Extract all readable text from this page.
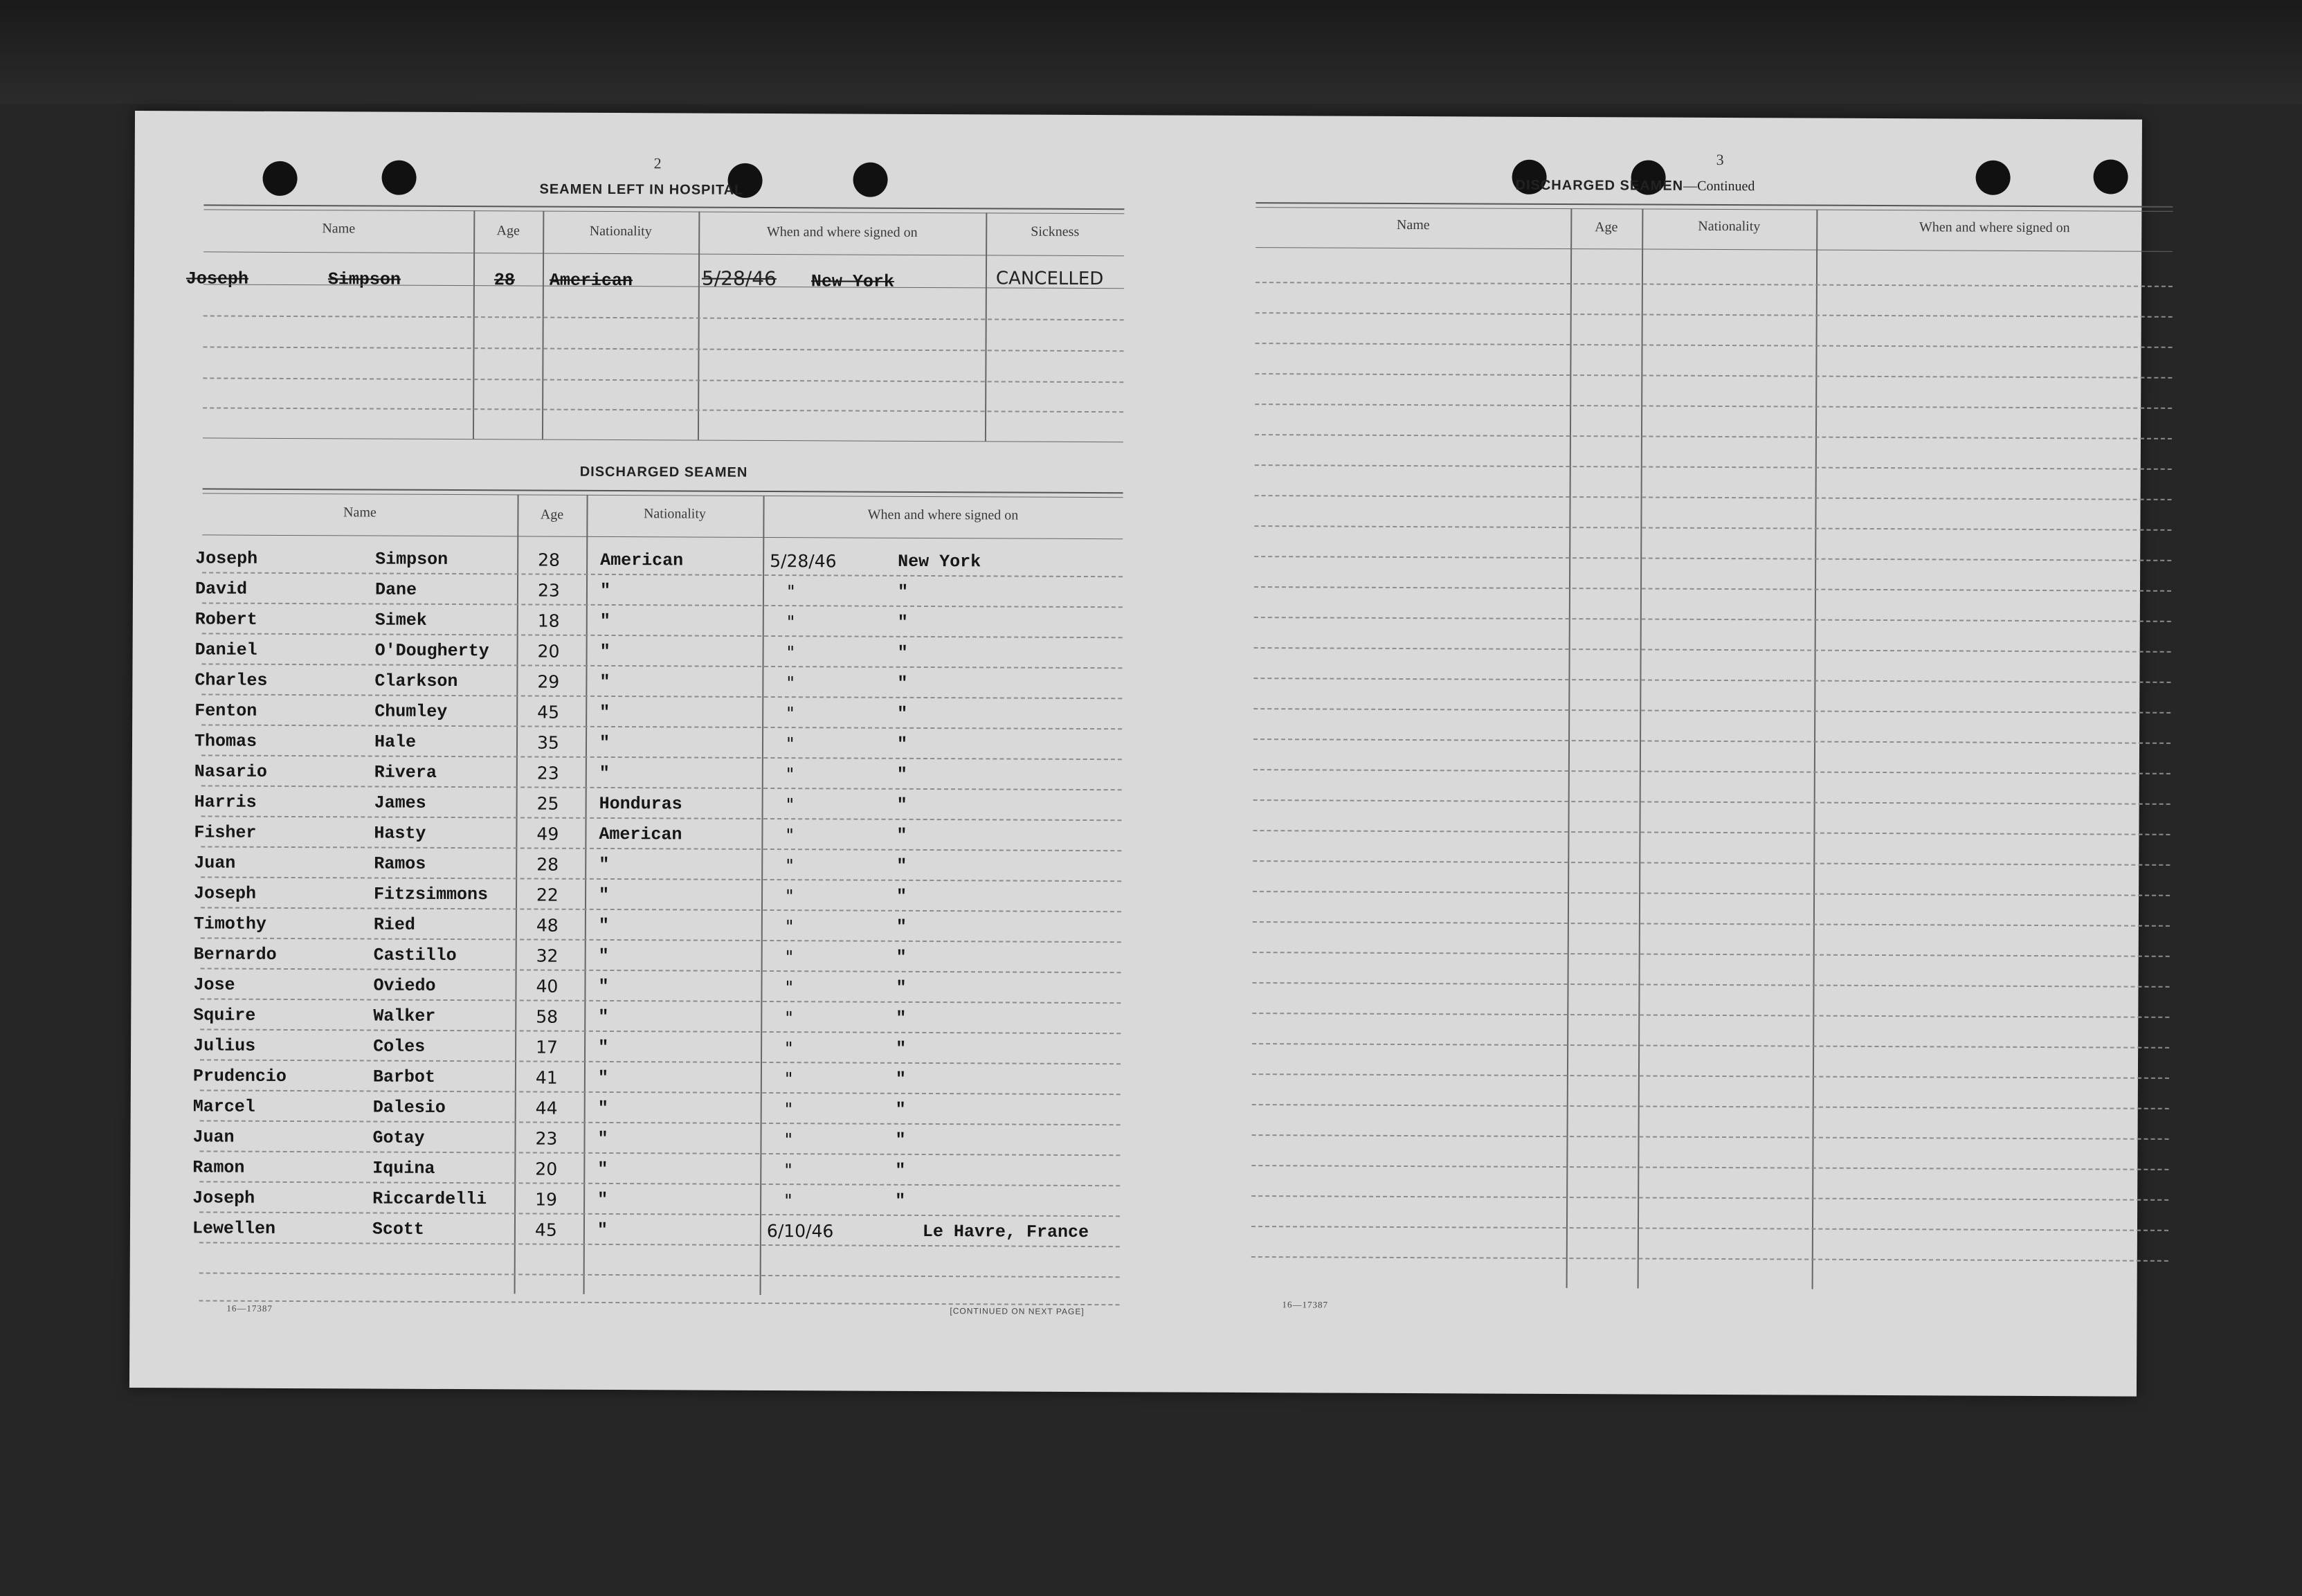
2
SEAMEN LEFT IN HOSPITAL
Name	Age	Nationality	When and where signed on	Sickness
Joseph	Simpson	28 American	5/28/46 New York	CANCELLED
DISCHARGED SEAMEN
Name	Age	Nationality	When and where signed on
Joseph	Simpson	28 American	5/28/46	New York
David	Dane	23 "	"	"
Robert	Simek	18 "	"	"
Daniel	O'Dougherty	20 "	"	"
Charles	Clarkson	29 "	"	"
Fenton	Chumley	45 "	"	"
Thomas	Hale	35 "	"	"
Nasario	Rivera	23 "	"	"
Harris	James	25 Honduras	"	"
Fisher	Hasty	49 American	"	"
Juan	Ramos	28 "	"	"
Joseph	Fitzsimmons	22 "	"	"
Timothy	Ried	48 "	"	"
Bernardo	Castillo	32 "	"	"
Jose	Oviedo	40 "	"	"
Squire	Walker	58 "	"	"
Julius	Coles	17 "	"	"
Prudencio	Barbot	41 "	"	"
Marcel	Dalesio	44 "	"	"
Juan	Gotay	23 "	"	"
Ramon	Iquina	20 "	"	"
Joseph	Riccardelli	19 "	"	"
Lewellen	Scott	45 "	6/10/46	Le Havre, France
16—17387	[CONTINUED ON NEXT PAGE]
3
DISCHARGED SEAMEN—Continued
Name	Age	Nationality	When and where signed on
16—17387
